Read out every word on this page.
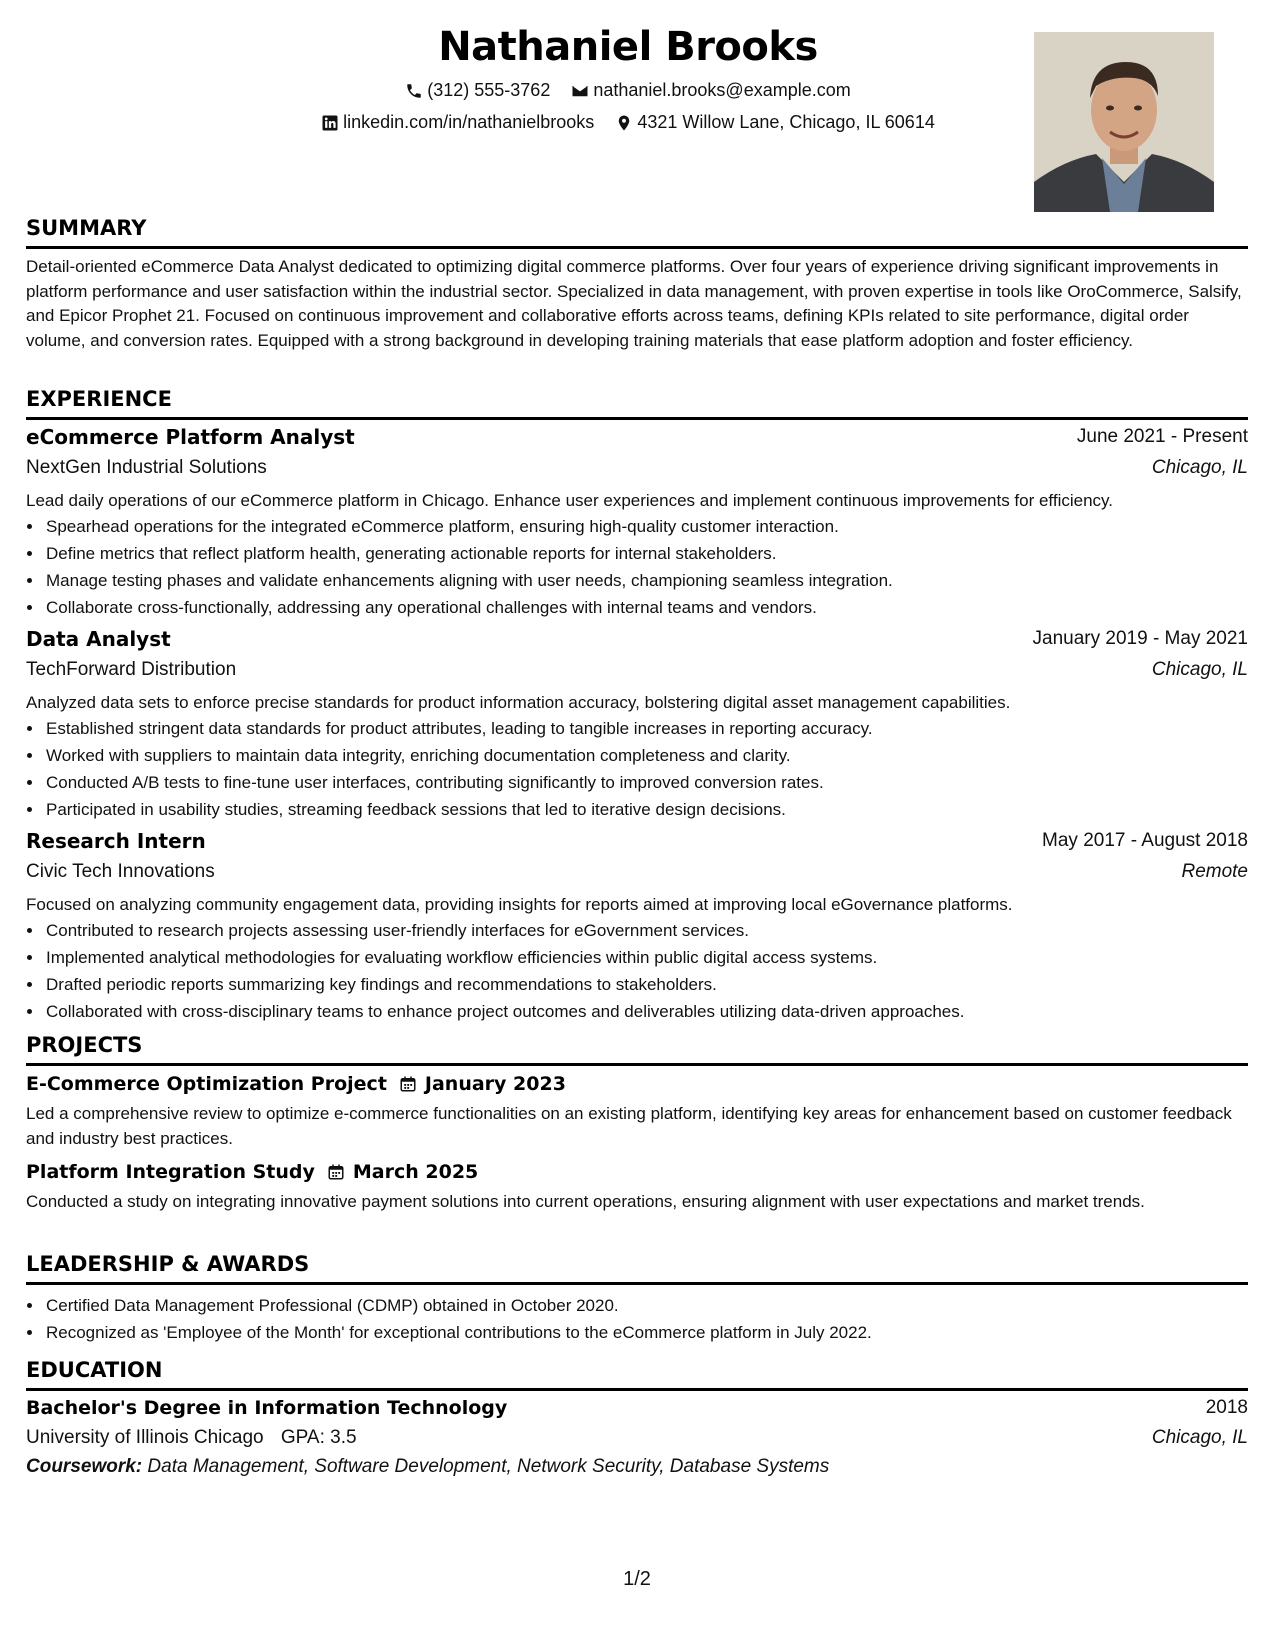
Nathaniel Brooks
(312) 555-3762
nathaniel.brooks@example.com
linkedin.com/in/nathanielbrooks
4321 Willow Lane, Chicago, IL 60614
SUMMARY
Detail-oriented eCommerce Data Analyst dedicated to optimizing digital commerce platforms. Over four years of experience driving significant improvements in platform performance and user satisfaction within the industrial sector. Specialized in data management, with proven expertise in tools like OroCommerce, Salsify, and Epicor Prophet 21. Focused on continuous improvement and collaborative efforts across teams, defining KPIs related to site performance, digital order volume, and conversion rates. Equipped with a strong background in developing training materials that ease platform adoption and foster efficiency.
EXPERIENCE
eCommerce Platform Analyst	June 2021 - Present
NextGen Industrial Solutions	Chicago, IL
Lead daily operations of our eCommerce platform in Chicago. Enhance user experiences and implement continuous improvements for efficiency.
• Spearhead operations for the integrated eCommerce platform, ensuring high-quality customer interaction.
• Define metrics that reflect platform health, generating actionable reports for internal stakeholders.
• Manage testing phases and validate enhancements aligning with user needs, championing seamless integration.
• Collaborate cross-functionally, addressing any operational challenges with internal teams and vendors.
Data Analyst	January 2019 - May 2021
TechForward Distribution	Chicago, IL
Analyzed data sets to enforce precise standards for product information accuracy, bolstering digital asset management capabilities.
• Established stringent data standards for product attributes, leading to tangible increases in reporting accuracy.
• Worked with suppliers to maintain data integrity, enriching documentation completeness and clarity.
• Conducted A/B tests to fine-tune user interfaces, contributing significantly to improved conversion rates.
• Participated in usability studies, streaming feedback sessions that led to iterative design decisions.
Research Intern	May 2017 - August 2018
Civic Tech Innovations	Remote
Focused on analyzing community engagement data, providing insights for reports aimed at improving local eGovernance platforms.
• Contributed to research projects assessing user-friendly interfaces for eGovernment services.
• Implemented analytical methodologies for evaluating workflow efficiencies within public digital access systems.
• Drafted periodic reports summarizing key findings and recommendations to stakeholders.
• Collaborated with cross-disciplinary teams to enhance project outcomes and deliverables utilizing data-driven approaches.
PROJECTS
E-Commerce Optimization Project January 2023
Led a comprehensive review to optimize e-commerce functionalities on an existing platform, identifying key areas for enhancement based on customer feedback and industry best practices.
Platform Integration Study March 2025
Conducted a study on integrating innovative payment solutions into current operations, ensuring alignment with user expectations and market trends.
LEADERSHIP & AWARDS
• Certified Data Management Professional (CDMP) obtained in October 2020.
• Recognized as 'Employee of the Month' for exceptional contributions to the eCommerce platform in July 2022.
EDUCATION
Bachelor's Degree in Information Technology	2018
University of Illinois Chicago GPA: 3.5	Chicago, IL
Coursework: Data Management, Software Development, Network Security, Database Systems
1/2
